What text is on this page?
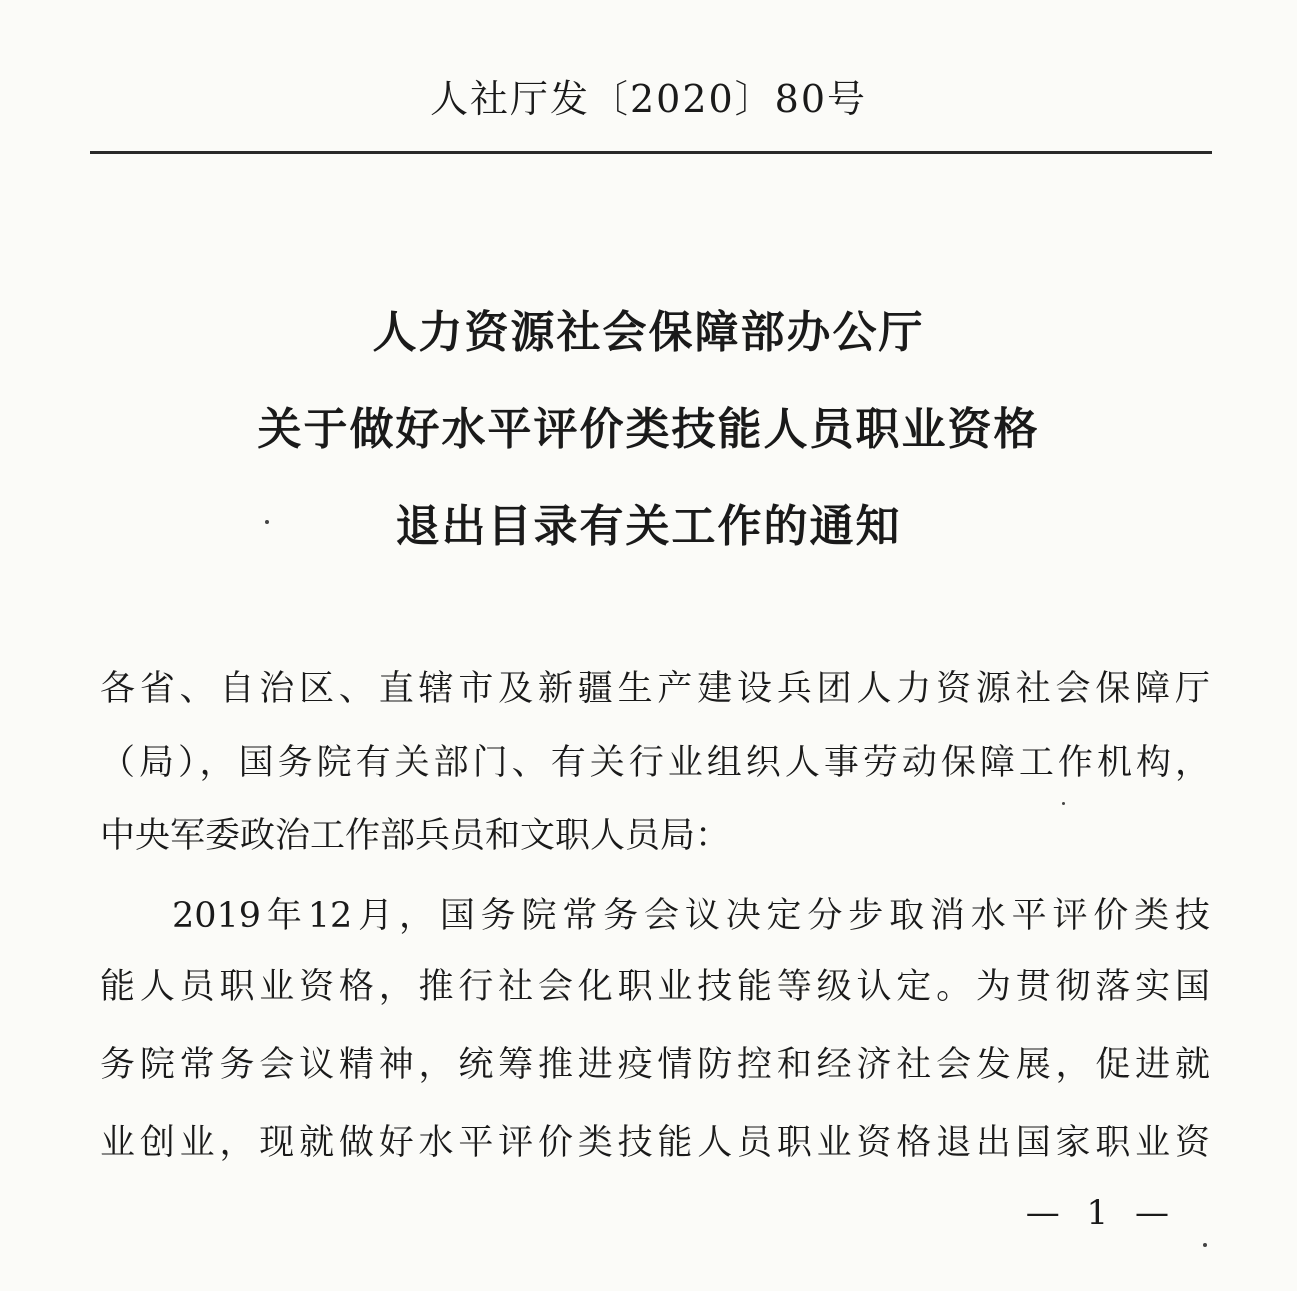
人社厅发〔2020〕80号
人力资源社会保障部办公厅
关于做好水平评价类技能人员职业资格
退出目录有关工作的通知
各省、自治区、直辖市及新疆生产建设兵团人力资源社会保障厅
（局），国务院有关部门、有关行业组织人事劳动保障工作机构，
中央军委政治工作部兵员和文职人员局：
2019年12月，国务院常务会议决定分步取消水平评价类技
能人员职业资格，推行社会化职业技能等级认定。为贯彻落实国
务院常务会议精神，统筹推进疫情防控和经济社会发展，促进就
业创业，现就做好水平评价类技能人员职业资格退出国家职业资
— 1 —
